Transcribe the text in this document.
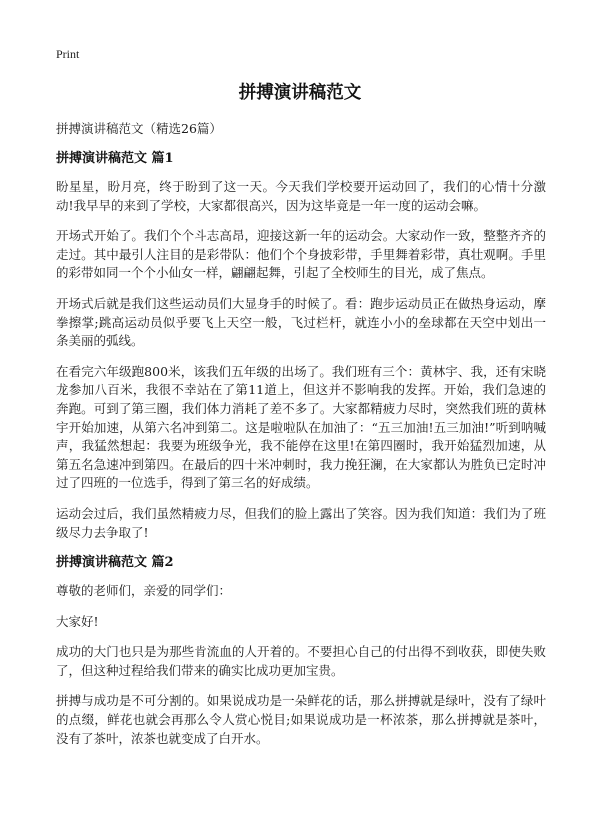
Print
拼搏演讲稿范文

拼搏演讲稿范文（精选26篇）

拼搏演讲稿范文 篇1

盼星星，盼月亮，终于盼到了这一天。今天我们学校要开运动回了，我们的心情十分激动!我早早的来到了学校，大家都很高兴，因为这毕竟是一年一度的运动会嘛。

开场式开始了。我们个个斗志高昂，迎接这新一年的运动会。大家动作一致，整整齐齐的走过。其中最引人注目的是彩带队：他们个个身披彩带，手里舞着彩带，真壮观啊。手里的彩带如同一个个小仙女一样，翩翩起舞，引起了全校师生的目光，成了焦点。

开场式后就是我们这些运动员们大显身手的时候了。看：跑步运动员正在做热身运动，摩拳擦掌;跳高运动员似乎要飞上天空一般，飞过栏杆，就连小小的垒球都在天空中划出一条美丽的弧线。

在看完六年级跑800米，该我们五年级的出场了。我们班有三个：黄林宇、我，还有宋晓龙参加八百米，我很不幸站在了第11道上，但这并不影响我的发挥。开始，我们急速的奔跑。可到了第三圈，我们体力消耗了差不多了。大家都精疲力尽时，突然我们班的黄林宇开始加速，从第六名冲到第二。这是啦啦队在加油了：“五三加油!五三加油!”听到呐喊声，我猛然想起：我要为班级争光，我不能停在这里!在第四圈时，我开始猛烈加速，从第五名急速冲到第四。在最后的四十米冲刺时，我力挽狂澜，在大家都认为胜负已定时冲过了四班的一位选手，得到了第三名的好成绩。

运动会过后，我们虽然精疲力尽，但我们的脸上露出了笑容。因为我们知道：我们为了班级尽力去争取了!

拼搏演讲稿范文 篇2

尊敬的老师们，亲爱的同学们：

大家好!

成功的大门也只是为那些肯流血的人开着的。不要担心自己的付出得不到收获，即使失败了，但这种过程给我们带来的确实比成功更加宝贵。

拼搏与成功是不可分割的。如果说成功是一朵鲜花的话，那么拼搏就是绿叶，没有了绿叶的点缀，鲜花也就会再那么令人赏心悦目;如果说成功是一杯浓茶，那么拼搏就是茶叶，没有了茶叶，浓茶也就变成了白开水。
